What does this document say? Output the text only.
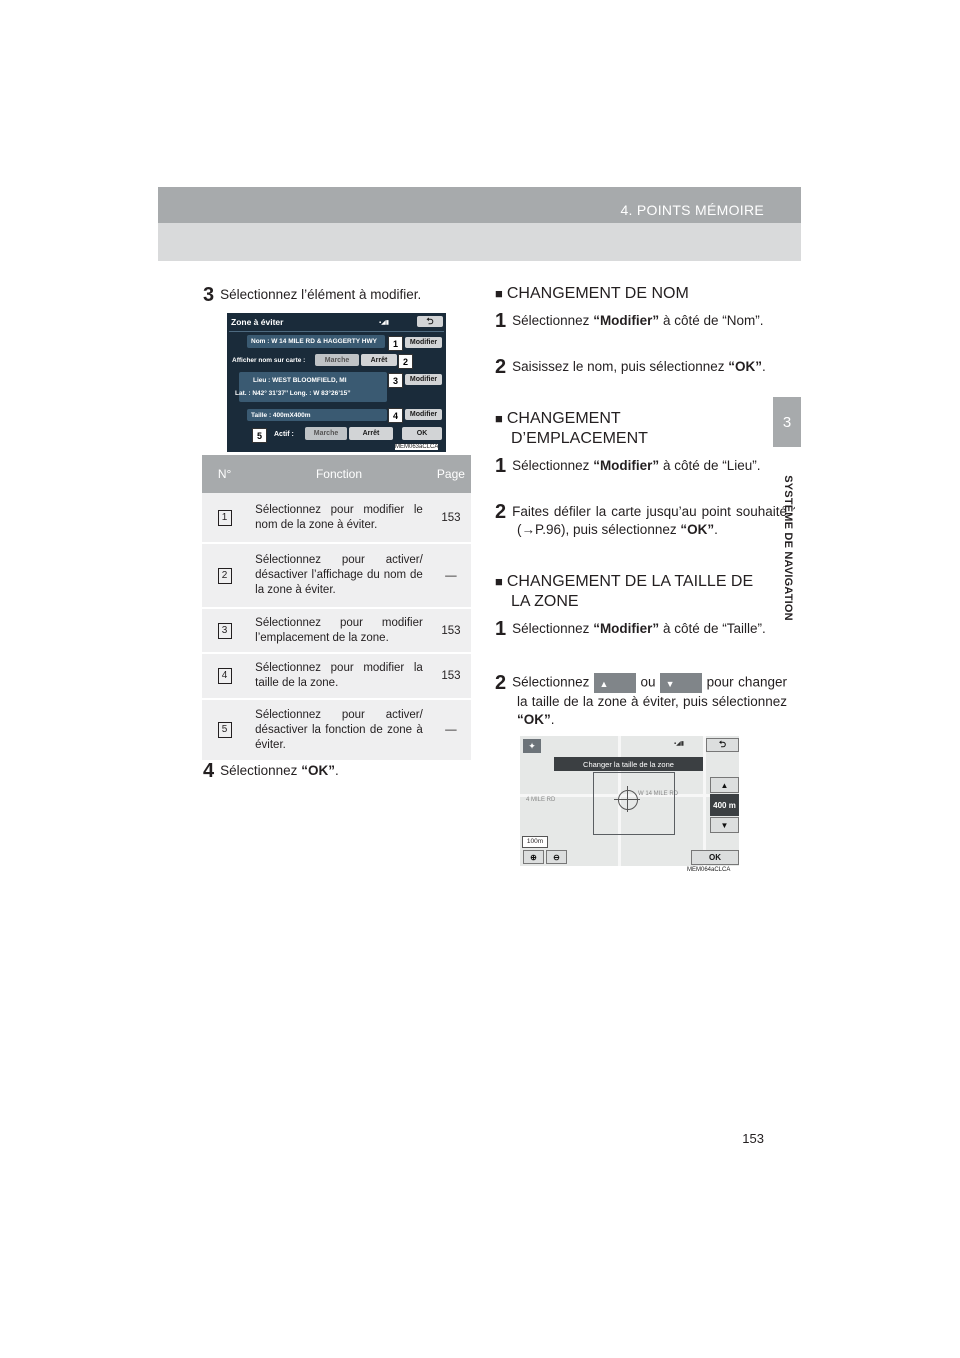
4. POINTS MÉMOIRE
3
SYSTÈME DE NAVIGATION
3 Sélectionnez l’élément à modifier.
Zone à éviter	▪◢▮	⮌
Nom : W 14 MILE RD & HAGGERTY HWY	1	Modifier
Afficher nom sur carte :	Marche	Arrêt	2
Lieu : WEST BLOOMFIELD, MI
Lat. : N42° 31’37’’ Long. : W 83°26’15’’
3	Modifier
Taille : 400mX400m	4	Modifier
5	Actif :	Marche	Arrêt	OK
MEM063aCLCA
N°	Fonction	Page
1	Sélectionnez pour modifier le nom de la zone à éviter.	153
2	Sélectionnez pour activer/ désactiver l’affichage du nom de la zone à éviter.	—
3	Sélectionnez pour modifier l’emplacement de la zone.	153
4	Sélectionnez pour modifier la taille de la zone.	153
5	Sélectionnez pour activer/ désactiver la fonction de zone à éviter.	—
4 Sélectionnez “OK”.
■ CHANGEMENT DE NOM
1 Sélectionnez “Modifier” à côté de “Nom”.
2 Saisissez le nom, puis sélectionnez “OK”.
■ CHANGEMENT
D’EMPLACEMENT
1 Sélectionnez “Modifier” à côté de “Lieu”.
2 Faites défiler la carte jusqu’au point souhaité (→P.96), puis sélectionnez “OK”.
■ CHANGEMENT DE LA TAILLE DE
LA ZONE
1 Sélectionnez “Modifier” à côté de “Taille”.
2 Sélectionnez ▲	ou ▼	pour changer la taille de la zone à éviter, puis sélectionnez “OK”.
4 MILE RD
W 14 MILE RD
✦	▪◢▮	⮌
Changer la taille de la zone
▲
400 m
▼
100m
⊕	⊖	OK
MEM064aCLCA
153
